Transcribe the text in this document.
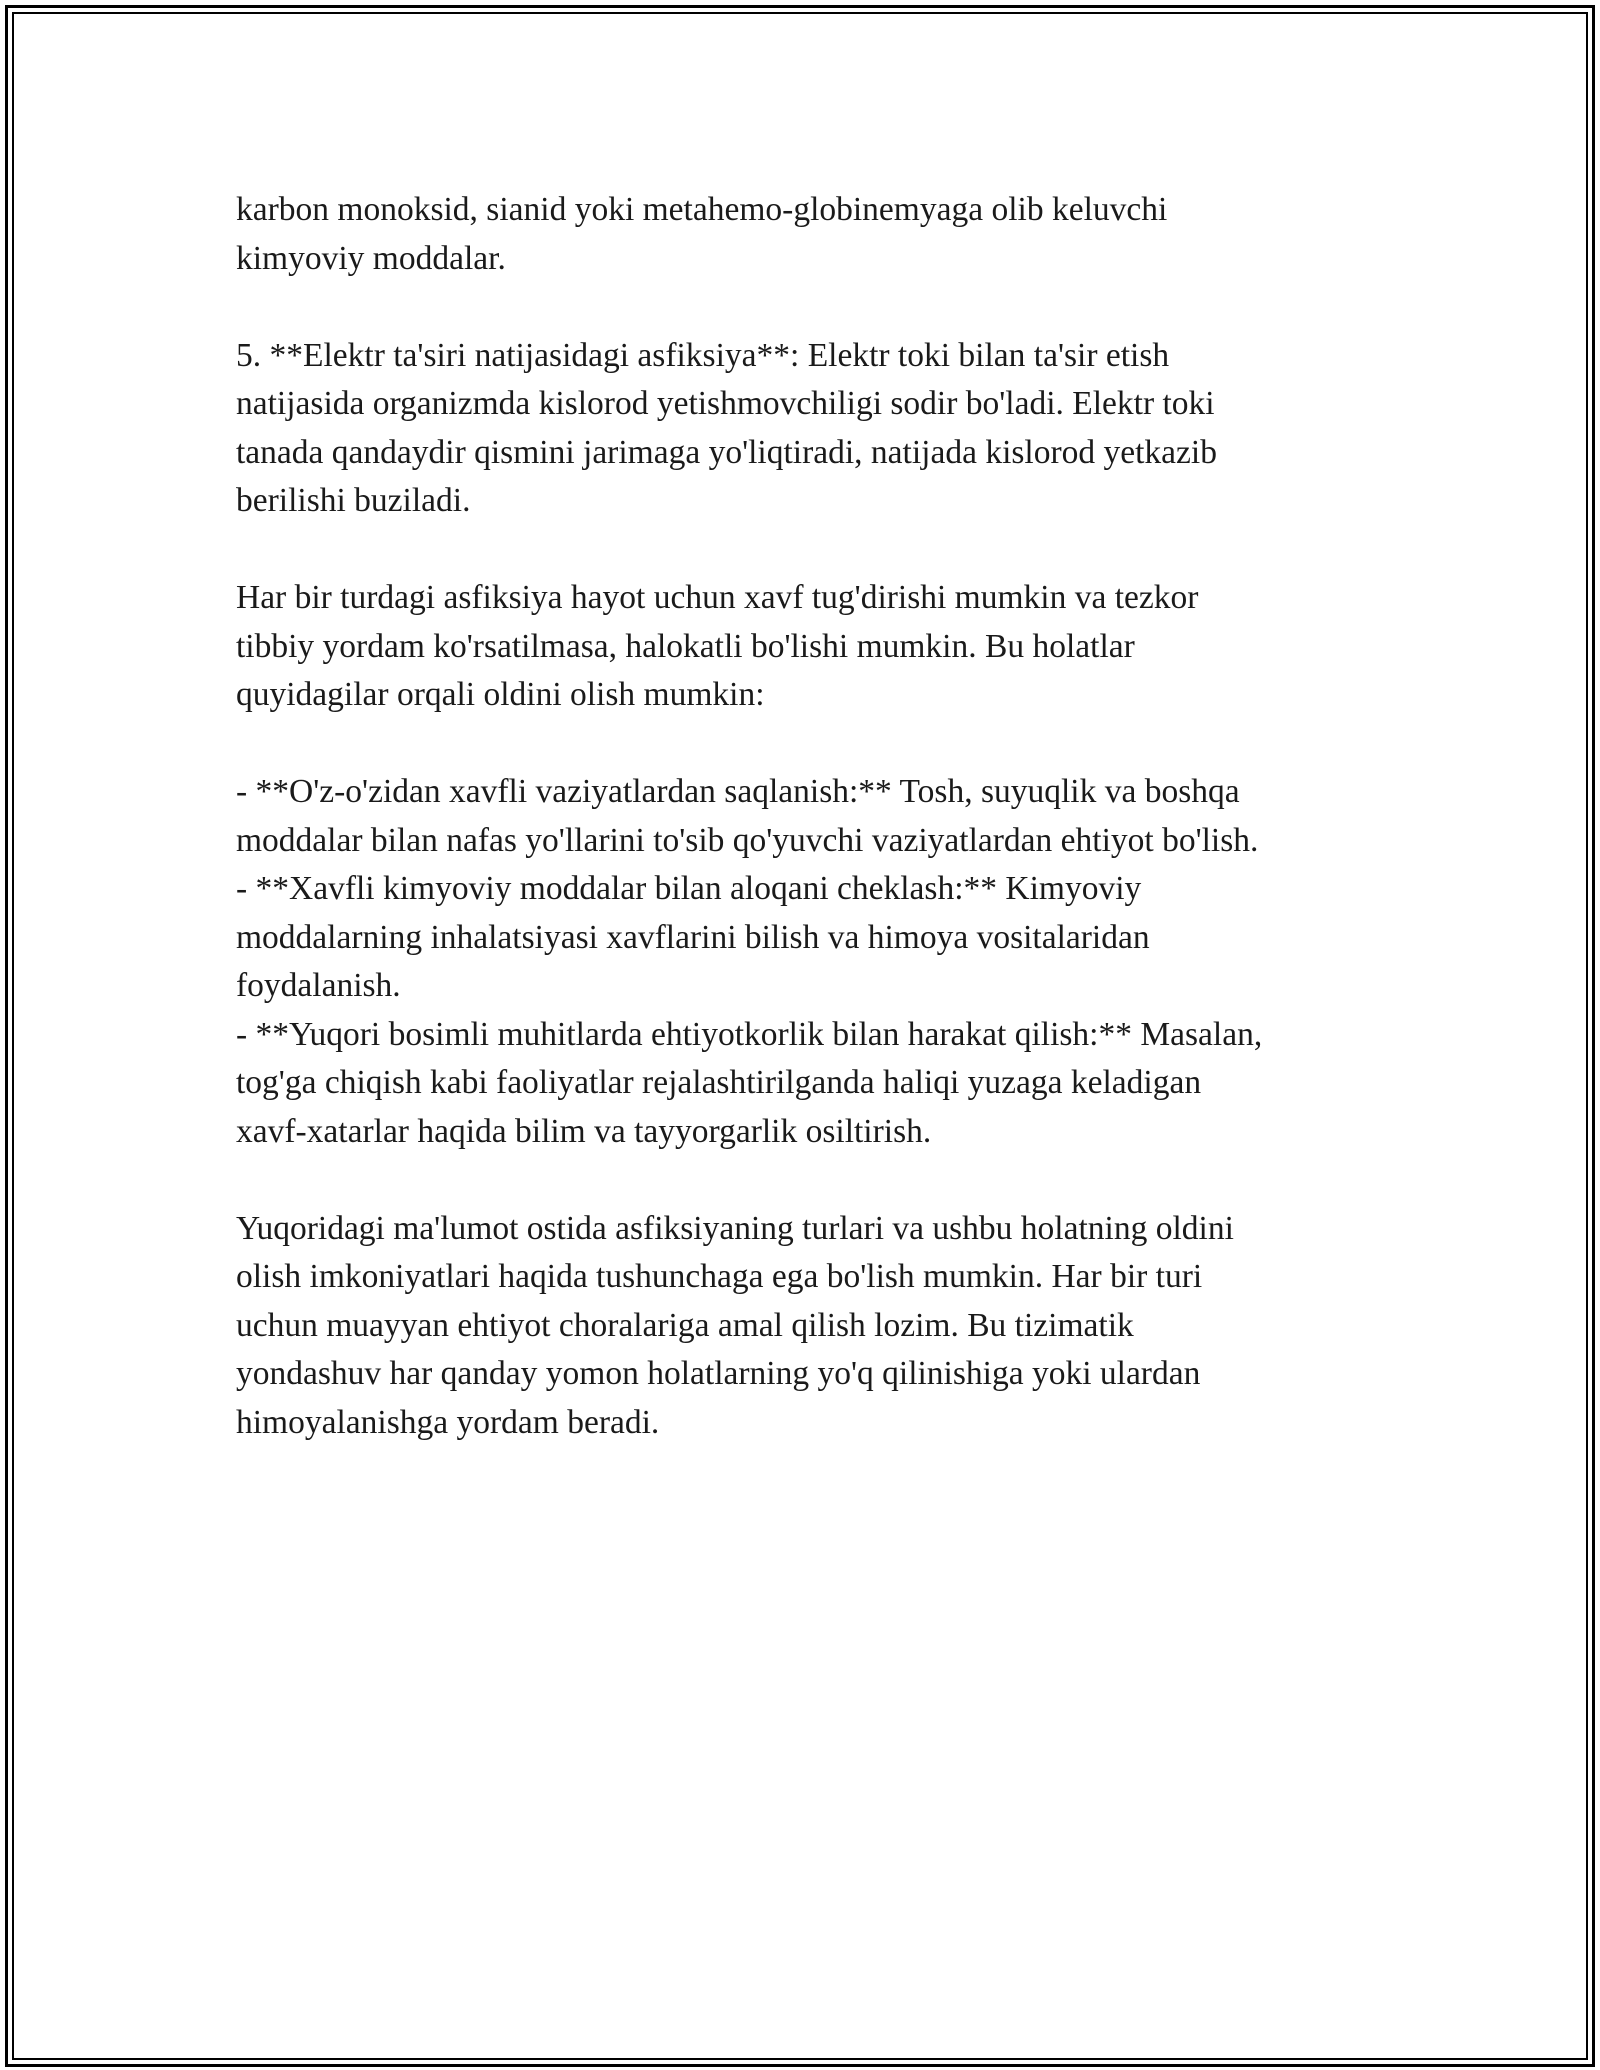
karbon monoksid, sianid yoki metahemo-globinemyaga olib keluvchi
kimyoviy moddalar.
5. **Elektr ta'siri natijasidagi asfiksiya**: Elektr toki bilan ta'sir etish
natijasida organizmda kislorod yetishmovchiligi sodir bo'ladi. Elektr toki
tanada qandaydir qismini jarimaga yo'liqtiradi, natijada kislorod yetkazib
berilishi buziladi.
Har bir turdagi asfiksiya hayot uchun xavf tug'dirishi mumkin va tezkor
tibbiy yordam ko'rsatilmasa, halokatli bo'lishi mumkin. Bu holatlar
quyidagilar orqali oldini olish mumkin:
- **O'z-o'zidan xavfli vaziyatlardan saqlanish:** Tosh, suyuqlik va boshqa
moddalar bilan nafas yo'llarini to'sib qo'yuvchi vaziyatlardan ehtiyot bo'lish.
- **Xavfli kimyoviy moddalar bilan aloqani cheklash:** Kimyoviy
moddalarning inhalatsiyasi xavflarini bilish va himoya vositalaridan
foydalanish.
- **Yuqori bosimli muhitlarda ehtiyotkorlik bilan harakat qilish:** Masalan,
tog'ga chiqish kabi faoliyatlar rejalashtirilganda haliqi yuzaga keladigan
xavf-xatarlar haqida bilim va tayyorgarlik osiltirish.
Yuqoridagi ma'lumot ostida asfiksiyaning turlari va ushbu holatning oldini
olish imkoniyatlari haqida tushunchaga ega bo'lish mumkin. Har bir turi
uchun muayyan ehtiyot choralariga amal qilish lozim. Bu tizimatik
yondashuv har qanday yomon holatlarning yo'q qilinishiga yoki ulardan
himoyalanishga yordam beradi.
